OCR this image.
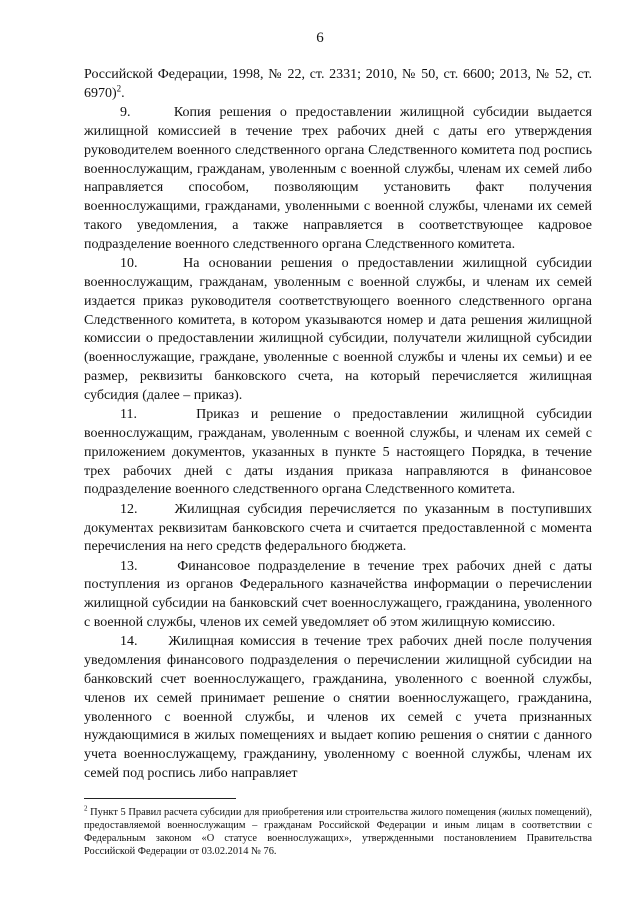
6

Российской Федерации, 1998, № 22, ст. 2331; 2010, № 50, ст. 6600; 2013, № 52, ст. 6970)$^2$.

9.	Копия решения о предоставлении жилищной субсидии выдается жилищной комиссией в течение трех рабочих дней с даты его утверждения руководителем военного следственного органа Следственного комитета под роспись военнослужащим, гражданам, уволенным с военной службы, членам их семей либо направляется способом, позволяющим установить факт получения военнослужащими, гражданами, уволенными с военной службы, членами их семей такого уведомления, а также направляется в соответствующее кадровое подразделение военного следственного органа Следственного комитета.

10.	На основании решения о предоставлении жилищной субсидии военнослужащим, гражданам, уволенным с военной службы, и членам их семей издается приказ руководителя соответствующего военного следственного органа Следственного комитета, в котором указываются номер и дата решения жилищной комиссии о предоставлении жилищной субсидии, получатели жилищной субсидии (военнослужащие, граждане, уволенные с военной службы и члены их семьи) и ее размер, реквизиты банковского счета, на который перечисляется жилищная субсидия (далее – приказ).

11.	Приказ и решение о предоставлении жилищной субсидии военнослужащим, гражданам, уволенным с военной службы, и членам их семей с приложением документов, указанных в пункте 5 настоящего Порядка, в течение трех рабочих дней с даты издания приказа направляются в финансовое подразделение военного следственного органа Следственного комитета.

12.	Жилищная субсидия перечисляется по указанным в поступивших документах реквизитам банковского счета и считается предоставленной с момента перечисления на него средств федерального бюджета.

13.	Финансовое подразделение в течение трех рабочих дней с даты поступления из органов Федерального казначейства информации о перечислении жилищной субсидии на банковский счет военнослужащего, гражданина, уволенного с военной службы, членов их семей уведомляет об этом жилищную комиссию.

14. Жилищная комиссия в течение трех рабочих дней после получения уведомления финансового подразделения о перечислении жилищной субсидии на банковский счет военнослужащего, гражданина, уволенного с военной службы, членов их семей принимает решение о снятии военнослужащего, гражданина, уволенного с военной службы, и членов их семей с учета признанных нуждающимися в жилых помещениях и выдает копию решения о снятии с данного учета военнослужащему, гражданину, уволенному с военной службы, членам их семей под роспись либо направляет

$^2$ Пункт 5 Правил расчета субсидии для приобретения или строительства жилого помещения (жилых помещений), предоставляемой военнослужащим – гражданам Российской Федерации и иным лицам в соответствии с Федеральным законом «О статусе военнослужащих», утвержденными постановлением Правительства Российской Федерации от 03.02.2014 № 76.
